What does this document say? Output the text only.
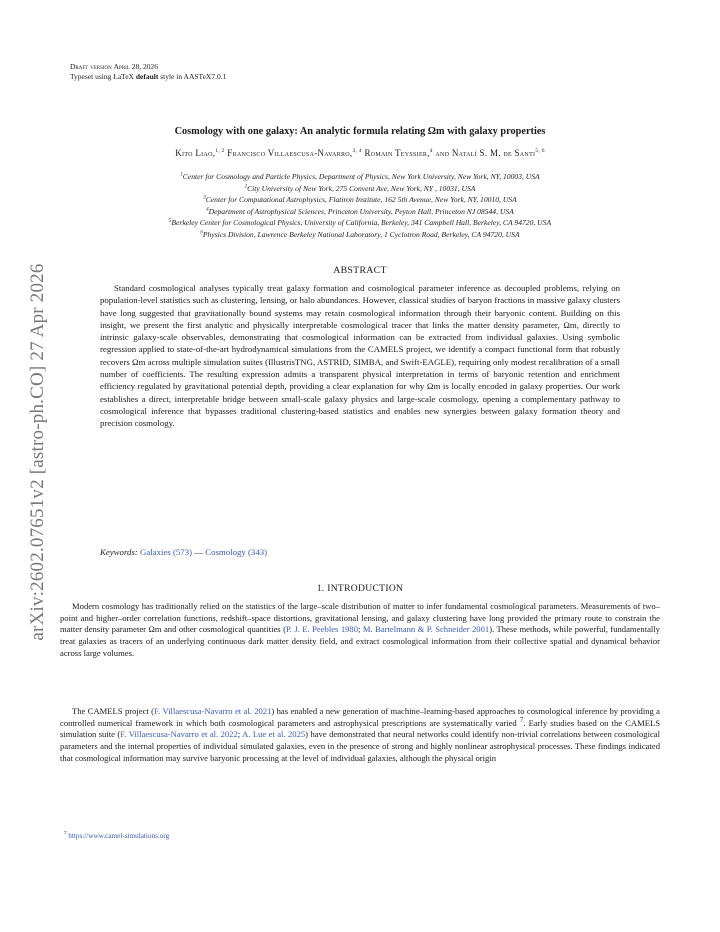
Draft version April 28, 2026
Typeset using LaTeX default style in AASTeX7.0.1
arXiv:2602.07651v2 [astro-ph.CO] 27 Apr 2026
Cosmology with one galaxy: An analytic formula relating Ωm with galaxy properties
Kito Liao,$^{1, 2}$ Francisco Villaescusa-Navarro,$^{3, 4}$ Romain Teyssier,$^4$ and Natalí S. M. de Santi$^{5, 6}$
$^1$Center for Cosmology and Particle Physics, Department of Physics, New York University, New York, NY, 10003, USA
$^2$City University of New York, 275 Convent Ave, New York, NY , 10031, USA
$^3$Center for Computational Astrophysics, Flatiron Institute, 162 5th Avenue, New York, NY, 10010, USA
$^4$Department of Astrophysical Sciences, Princeton University, Peyton Hall, Princeton NJ 08544, USA
$^5$Berkeley Center for Cosmological Physics, University of California, Berkeley, 341 Campbell Hall, Berkeley, CA 94720, USA
$^6$Physics Division, Lawrence Berkeley National Laboratory, 1 Cyclotron Road, Berkeley, CA 94720, USA
ABSTRACT
Standard cosmological analyses typically treat galaxy formation and cosmological parameter inference as decoupled problems, relying on population-level statistics such as clustering, lensing, or halo abundances. However, classical studies of baryon fractions in massive galaxy clusters have long suggested that gravitationally bound systems may retain cosmological information through their baryonic content. Building on this insight, we present the first analytic and physically interpretable cosmological tracer that links the matter density parameter, Ωm, directly to intrinsic galaxy-scale observables, demonstrating that cosmological information can be extracted from individual galaxies. Using symbolic regression applied to state-of-the-art hydrodynamical simulations from the CAMELS project, we identify a compact functional form that robustly recovers Ωm across multiple simulation suites (IllustrisTNG, ASTRID, SIMBA, and Swift-EAGLE), requiring only modest recalibration of a small number of coefficients. The resulting expression admits a transparent physical interpretation in terms of baryonic retention and enrichment efficiency regulated by gravitational potential depth, providing a clear explanation for why Ωm is locally encoded in galaxy properties. Our work establishes a direct, interpretable bridge between small-scale galaxy physics and large-scale cosmology, opening a complementary pathway to cosmological inference that bypasses traditional clustering-based statistics and enables new synergies between galaxy formation theory and precision cosmology.
Keywords: Galaxies (573) — Cosmology (343)
1. INTRODUCTION
Modern cosmology has traditionally relied on the statistics of the large–scale distribution of matter to infer fundamental cosmological parameters. Measurements of two–point and higher–order correlation functions, redshift–space distortions, gravitational lensing, and galaxy clustering have long provided the primary route to constrain the matter density parameter Ωm and other cosmological quantities (P. J. E. Peebles 1980; M. Bartelmann & P. Schneider 2001). These methods, while powerful, fundamentally treat galaxies as tracers of an underlying continuous dark matter density field, and extract cosmological information from their collective spatial and dynamical behavior across large volumes.
The CAMELS project (F. Villaescusa-Navarro et al. 2021) has enabled a new generation of machine–learning-based approaches to cosmological inference by providing a controlled numerical framework in which both cosmological parameters and astrophysical prescriptions are systematically varied $^7$. Early studies based on the CAMELS simulation suite (F. Villaescusa-Navarro et al. 2022; A. Lue et al. 2025) have demonstrated that neural networks could identify non-trivial correlations between cosmological parameters and the internal properties of individual simulated galaxies, even in the presence of strong and highly nonlinear astrophysical processes. These findings indicated that cosmological information may survive baryonic processing at the level of individual galaxies, although the physical origin
$^7$ https://www.camel-simulations.org
